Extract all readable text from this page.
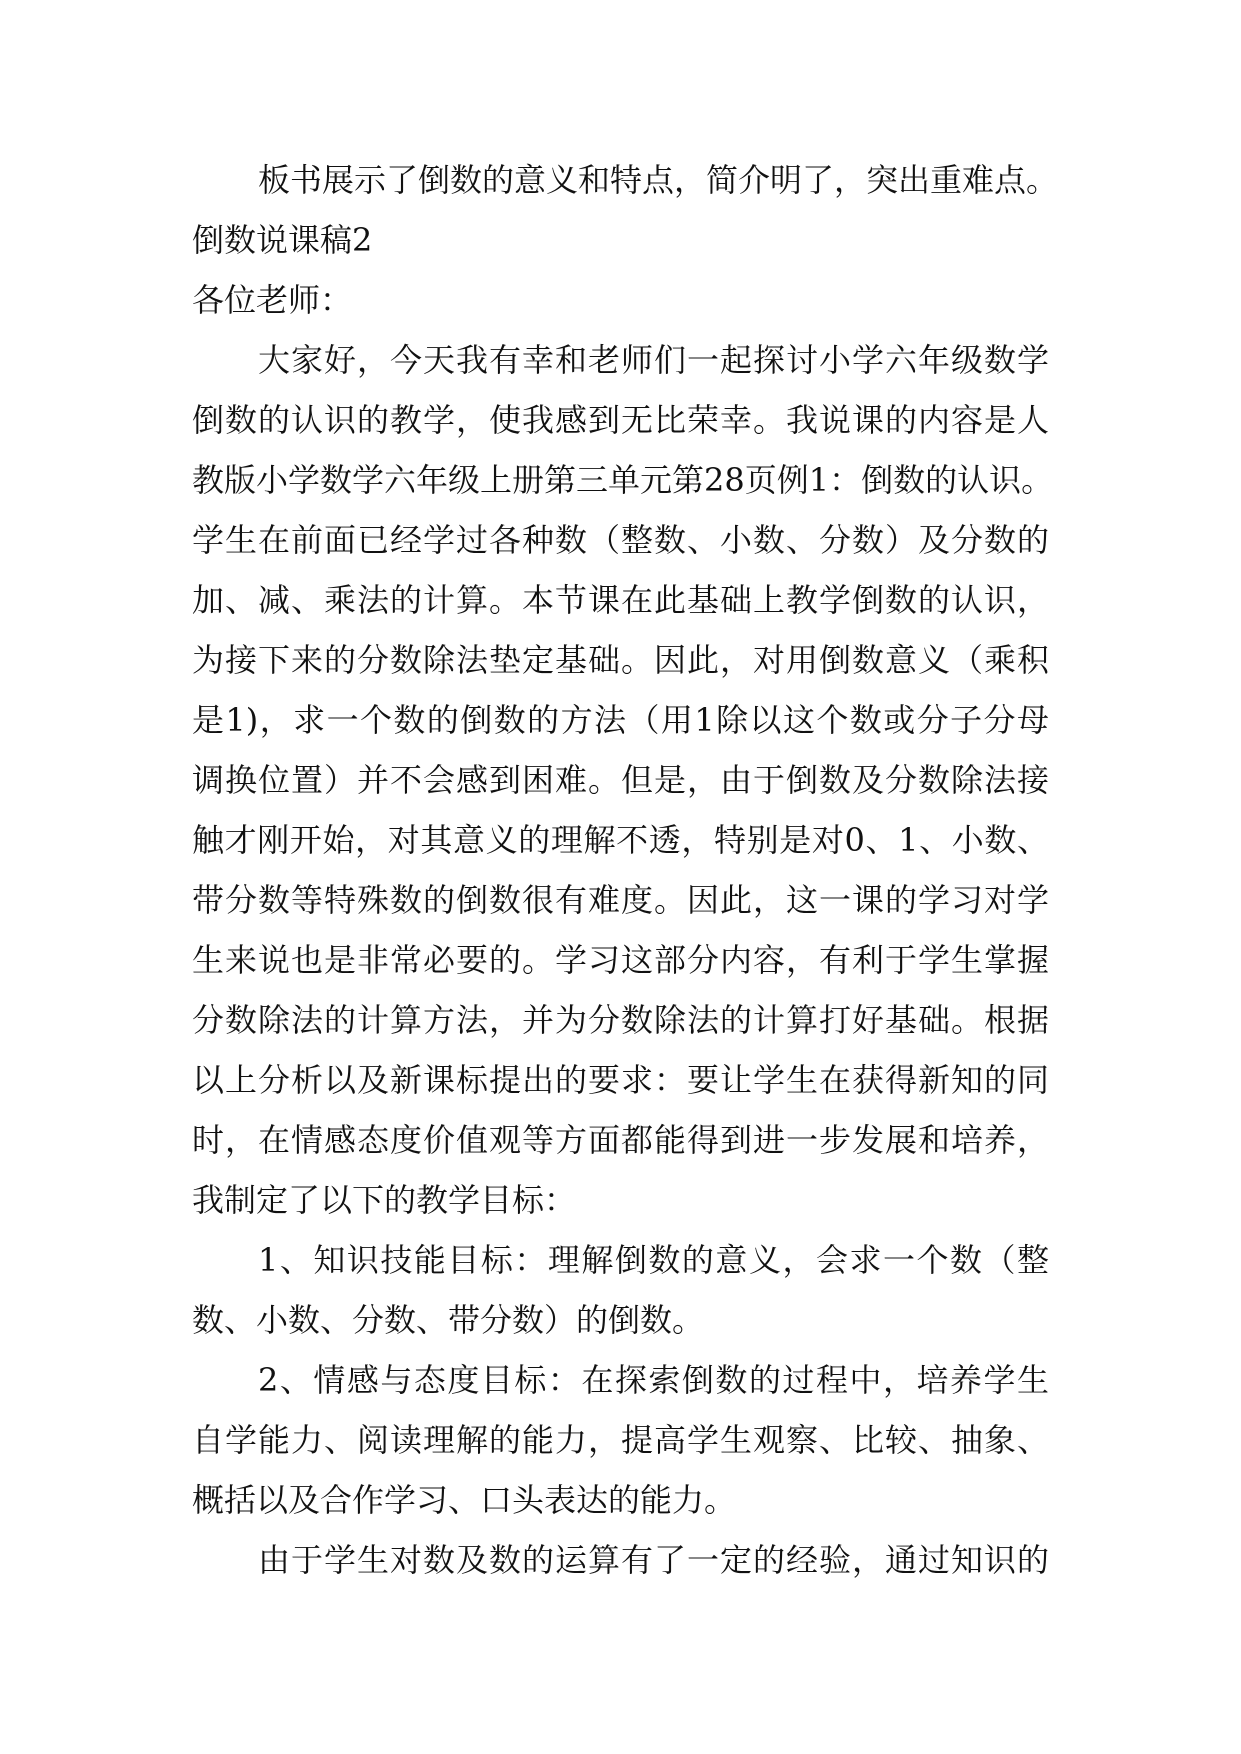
板书展示了倒数的意义和特点，简介明了，突出重难点。
倒数说课稿2
各位老师：
大家好，今天我有幸和老师们一起探讨小学六年级数学
倒数的认识的教学，使我感到无比荣幸。我说课的内容是人
教版小学数学六年级上册第三单元第28页例1：倒数的认识。
学生在前面已经学过各种数（整数、小数、分数）及分数的
加、减、乘法的计算。本节课在此基础上教学倒数的认识，
为接下来的分数除法垫定基础。因此，对用倒数意义（乘积
是1)，求一个数的倒数的方法（用1除以这个数或分子分母
调换位置）并不会感到困难。但是，由于倒数及分数除法接
触才刚开始，对其意义的理解不透，特别是对0、1、小数、
带分数等特殊数的倒数很有难度。因此，这一课的学习对学
生来说也是非常必要的。学习这部分内容，有利于学生掌握
分数除法的计算方法，并为分数除法的计算打好基础。根据
以上分析以及新课标提出的要求：要让学生在获得新知的同
时，在情感态度价值观等方面都能得到进一步发展和培养，
我制定了以下的教学目标：
1、知识技能目标：理解倒数的意义，会求一个数（整
数、小数、分数、带分数）的倒数。
2、情感与态度目标：在探索倒数的过程中，培养学生
自学能力、阅读理解的能力，提高学生观察、比较、抽象、
概括以及合作学习、口头表达的能力。
由于学生对数及数的运算有了一定的经验，通过知识的
